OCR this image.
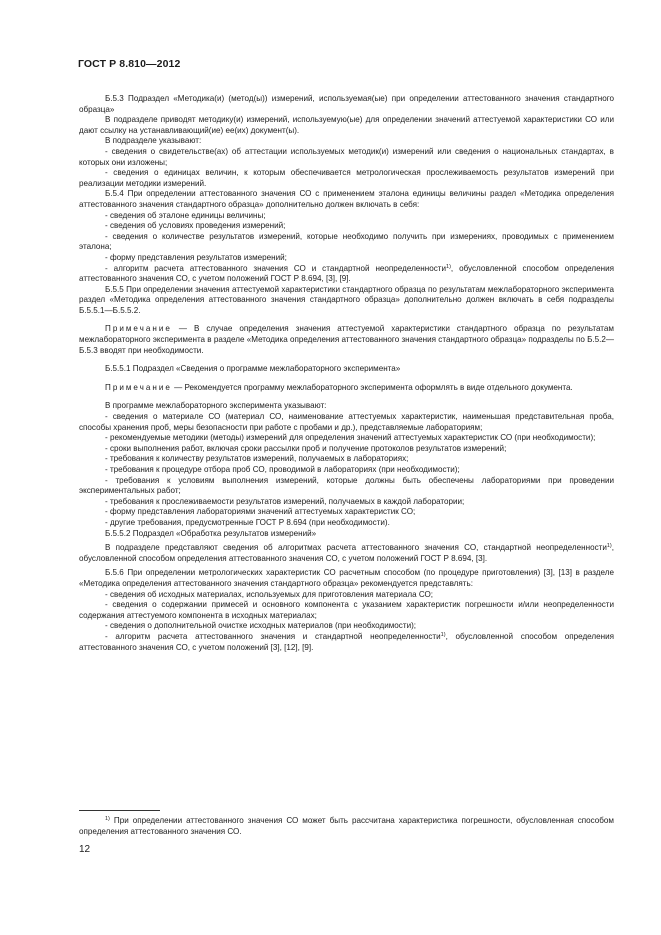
ГОСТ Р 8.810—2012

Б.5.3 Подраздел «Методика(и) (метод(ы)) измерений, используемая(ые) при определении аттестованного значения стандартного образца»

В подразделе приводят методику(и) измерений, используемую(ые) для определении значений аттестуемой характеристики СО или дают ссылку на устанавливающий(ие) ее(их) документ(ы).

В подразделе указывают:

- сведения о свидетельстве(ах) об аттестации используемых методик(и) измерений или сведения о национальных стандартах, в которых они изложены;

- сведения о единицах величин, к которым обеспечивается метрологическая прослеживаемость результатов измерений при реализации методики измерений.

Б.5.4 При определении аттестованного значения СО с применением эталона единицы величины раздел «Методика определения аттестованного значения стандартного образца» дополнительно должен включать в себя:

- сведения об эталоне единицы величины;

- сведения об условиях проведения измерений;

- сведения о количестве результатов измерений, которые необходимо получить при измерениях, проводимых с применением эталона;

- форму представления результатов измерений;

- алгоритм расчета аттестованного значения СО и стандартной неопределенности$^{1)}$, обусловленной способом определения аттестованного значения СО, с учетом положений ГОСТ Р 8.694, [3], [9].

Б.5.5 При определении значения аттестуемой характеристики стандартного образца по результатам межлабораторного эксперимента раздел «Методика определения аттестованного значения стандартного образца» дополнительно должен включать в себя подразделы Б.5.5.1—Б.5.5.2.

Примечание — В случае определения значения аттестуемой характеристики стандартного образца по результатам межлабораторного эксперимента в разделе «Методика определения аттестованного значения стандартного образца» подразделы по Б.5.2—Б.5.3 вводят при необходимости.

Б.5.5.1 Подраздел «Сведения о программе межлабораторного эксперимента»

Примечание — Рекомендуется программу межлабораторного эксперимента оформлять в виде отдельного документа.

В программе межлабораторного эксперимента указывают:

- сведения о материале СО (материал СО, наименование аттестуемых характеристик, наименьшая представительная проба, способы хранения проб, меры безопасности при работе с пробами и др.), представляемые лабораториям;

- рекомендуемые методики (методы) измерений для определения значений аттестуемых характеристик СО (при необходимости);

- сроки выполнения работ, включая сроки рассылки проб и получение протоколов результатов измерений;

- требования к количеству результатов измерений, получаемых в лабораториях;

- требования к процедуре отбора проб СО, проводимой в лабораториях (при необходимости);

- требования к условиям выполнения измерений, которые должны быть обеспечены лабораториями при проведении экспериментальных работ;

- требования к прослеживаемости результатов измерений, получаемых в каждой лаборатории;

- форму представления лабораториями значений аттестуемых характеристик СО;

- другие требования, предусмотренные ГОСТ Р 8.694 (при необходимости).

Б.5.5.2 Подраздел «Обработка результатов измерений»

В подразделе представляют сведения об алгоритмах расчета аттестованного значения СО, стандартной неопределенности$^{1)}$, обусловленной способом определения аттестованного значения СО, с учетом положений ГОСТ Р 8.694, [3].

Б.5.6 При определении метрологических характеристик СО расчетным способом (по процедуре приготовления) [3], [13] в разделе «Методика определения аттестованного значения стандартного образца» рекомендуется представлять:

- сведения об исходных материалах, используемых для приготовления материала СО;

- сведения о содержании примесей и основного компонента с указанием характеристик погрешности и/или неопределенности содержания аттестуемого компонента в исходных материалах;

- сведения о дополнительной очистке исходных материалов (при необходимости);

- алгоритм расчета аттестованного значения и стандартной неопределенности$^{1)}$, обусловленной способом определения аттестованного значения СО, с учетом положений [3], [12], [9].

$^{1)}$ При определении аттестованного значения СО может быть рассчитана характеристика погрешности, обусловленная способом определения аттестованного значения СО.

12
